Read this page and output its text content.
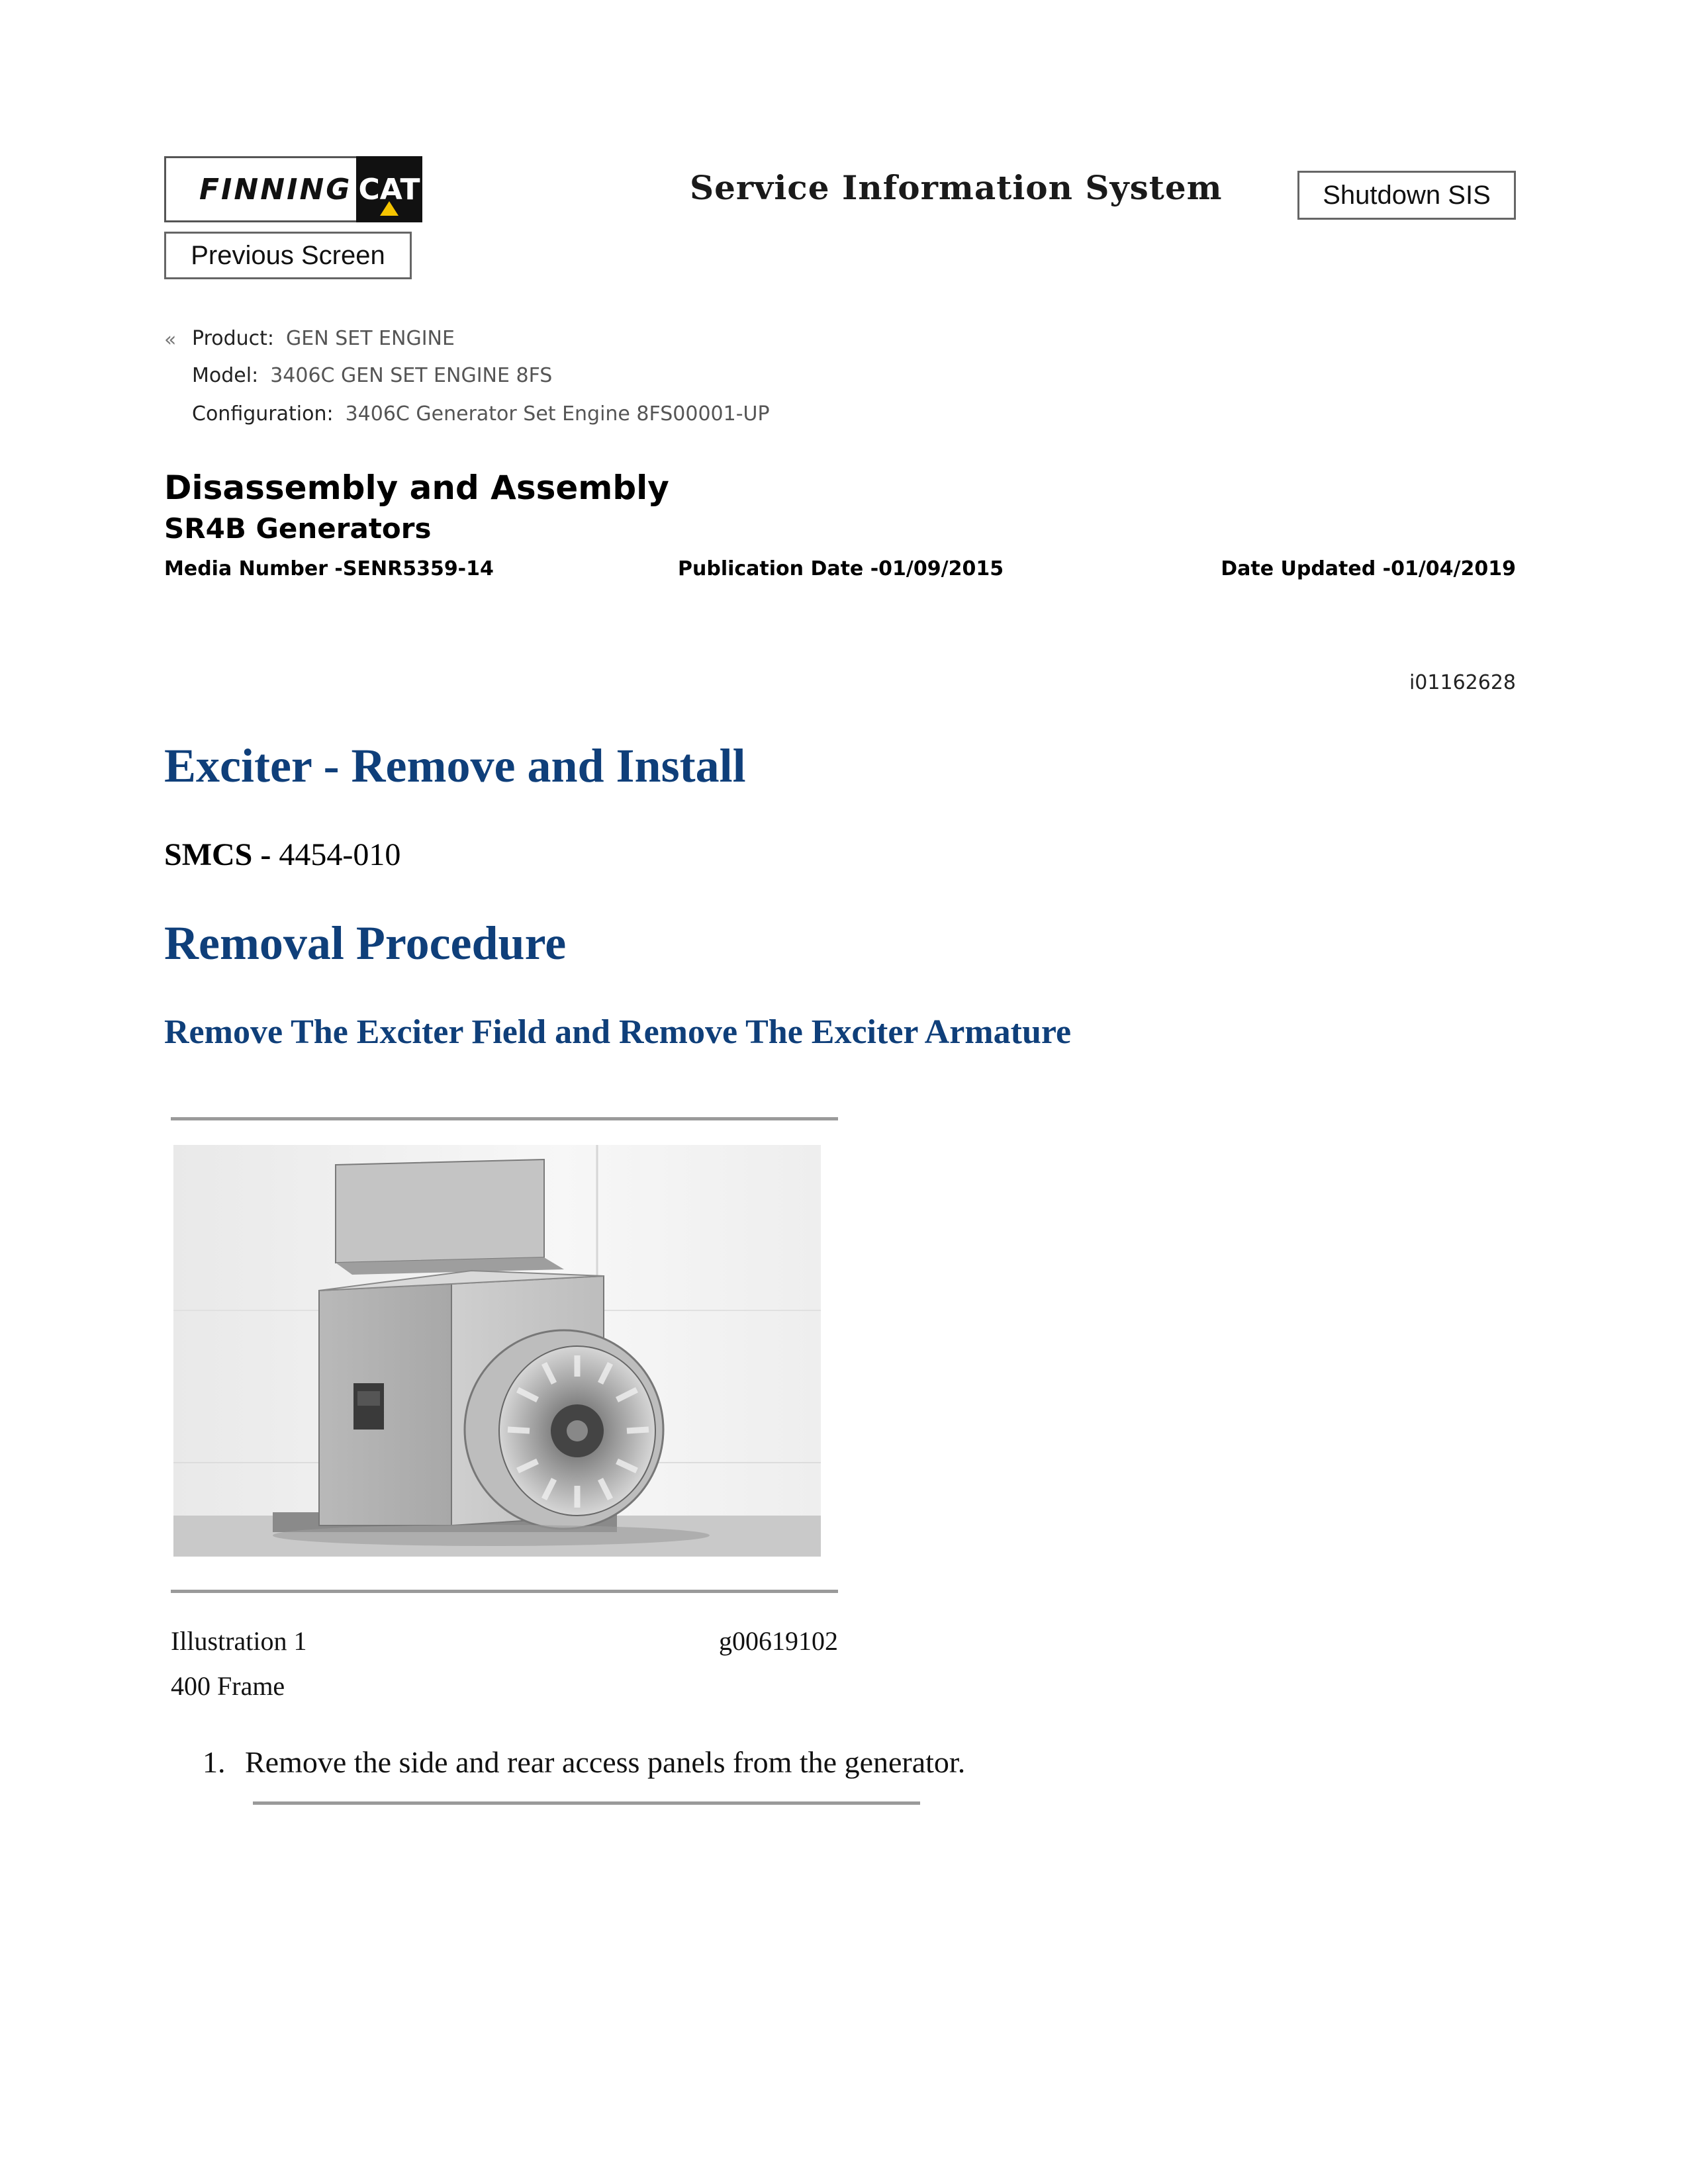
FINNING CAT	Service Information System	Shutdown SIS
Previous Screen
« Product: GEN SET ENGINE
Model: 3406C GEN SET ENGINE 8FS
Configuration: 3406C Generator Set Engine 8FS00001-UP
Disassembly and Assembly
SR4B Generators
Media Number -SENR5359-14	Publication Date -01/09/2015	Date Updated -01/04/2019
i01162628
Exciter - Remove and Install
SMCS - 4454-010
Removal Procedure
Remove The Exciter Field and Remove The Exciter Armature
Illustration 1	g00619102
400 Frame
1. Remove the side and rear access panels from the generator.
